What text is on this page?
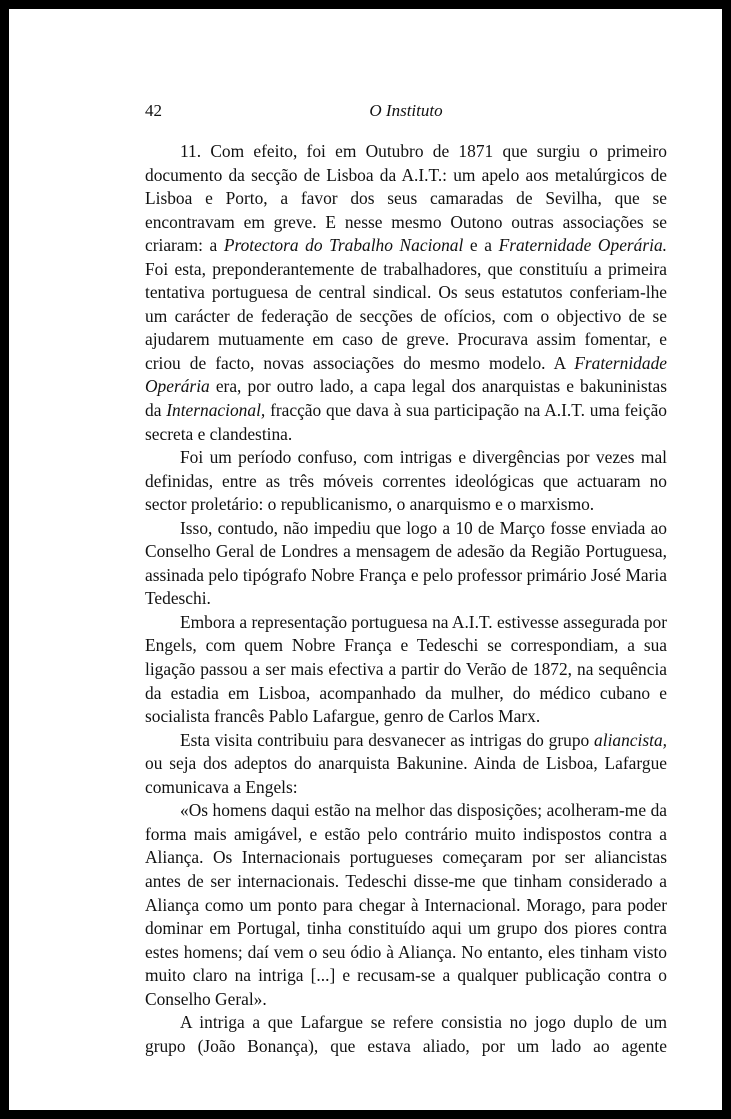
42	O Instituto

11. Com efeito, foi em Outubro de 1871 que surgiu o primeiro documento da secção de Lisboa da A.I.T.: um apelo aos metalúrgicos de Lisboa e Porto, a favor dos seus camaradas de Sevilha, que se encontravam em greve. E nesse mesmo Outono outras associações se criaram: a Protectora do Trabalho Nacional e a Fraternidade Operária. Foi esta, preponderantemente de trabalhadores, que constituíu a primeira tentativa portuguesa de central sindical. Os seus estatutos conferiam-lhe um carácter de federação de secções de ofícios, com o objectivo de se ajudarem mutuamente em caso de greve. Procurava assim fomentar, e criou de facto, novas associações do mesmo modelo. A Fraternidade Operária era, por outro lado, a capa legal dos anarquistas e bakuninistas da Internacional, fracção que dava à sua participação na A.I.T. uma feição secreta e clandestina.

Foi um período confuso, com intrigas e divergências por vezes mal definidas, entre as três móveis correntes ideológicas que actuaram no sector proletário: o republicanismo, o anarquismo e o marxismo.

Isso, contudo, não impediu que logo a 10 de Março fosse enviada ao Conselho Geral de Londres a mensagem de adesão da Região Portuguesa, assinada pelo tipógrafo Nobre França e pelo professor primário José Maria Tedeschi.

Embora a representação portuguesa na A.I.T. estivesse assegurada por Engels, com quem Nobre França e Tedeschi se correspondiam, a sua ligação passou a ser mais efectiva a partir do Verão de 1872, na sequência da estadia em Lisboa, acompanhado da mulher, do médico cubano e socialista francês Pablo Lafargue, genro de Carlos Marx.

Esta visita contribuiu para desvanecer as intrigas do grupo aliancista, ou seja dos adeptos do anarquista Bakunine. Ainda de Lisboa, Lafargue comunicava a Engels:

«Os homens daqui estão na melhor das disposições; acolheram-me da forma mais amigável, e estão pelo contrário muito indispostos contra a Aliança. Os Internacionais portugueses começaram por ser aliancistas antes de ser internacionais. Tedeschi disse-me que tinham considerado a Aliança como um ponto para chegar à Internacional. Morago, para poder dominar em Portugal, tinha constituído aqui um grupo dos piores contra estes homens; daí vem o seu ódio à Aliança. No entanto, eles tinham visto muito claro na intriga [...] e recusam-se a qualquer publicação contra o Conselho Geral».

A intriga a que Lafargue se refere consistia no jogo duplo de um grupo (João Bonança), que estava aliado, por um lado ao agente
